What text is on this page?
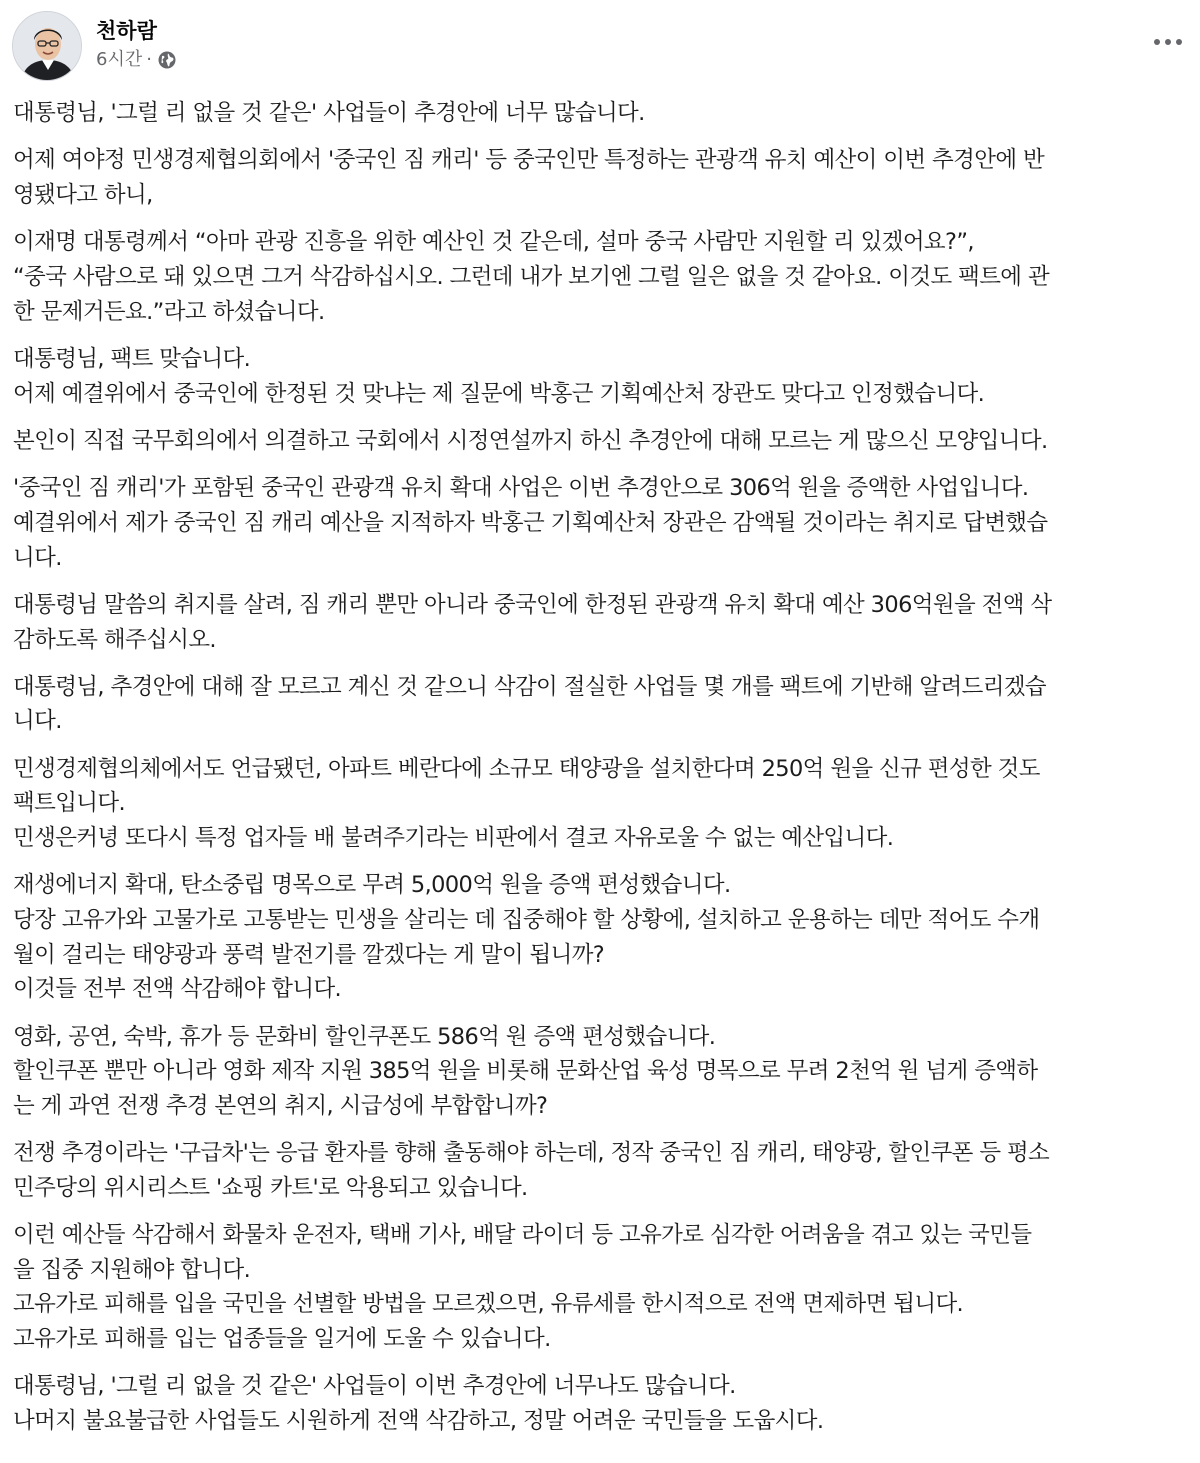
천하람
6시간 ·
대통령님, '그럴 리 없을 것 같은' 사업들이 추경안에 너무 많습니다.
어제 여야정 민생경제협의회에서 '중국인 짐 캐리' 등 중국인만 특정하는 관광객 유치 예산이 이번 추경안에 반
영됐다고 하니,
이재명 대통령께서 “아마 관광 진흥을 위한 예산인 것 같은데, 설마 중국 사람만 지원할 리 있겠어요?”,
“중국 사람으로 돼 있으면 그거 삭감하십시오. 그런데 내가 보기엔 그럴 일은 없을 것 같아요. 이것도 팩트에 관
한 문제거든요.”라고 하셨습니다.
대통령님, 팩트 맞습니다.
어제 예결위에서 중국인에 한정된 것 맞냐는 제 질문에 박홍근 기획예산처 장관도 맞다고 인정했습니다.
본인이 직접 국무회의에서 의결하고 국회에서 시정연설까지 하신 추경안에 대해 모르는 게 많으신 모양입니다.
'중국인 짐 캐리'가 포함된 중국인 관광객 유치 확대 사업은 이번 추경안으로 306억 원을 증액한 사업입니다.
예결위에서 제가 중국인 짐 캐리 예산을 지적하자 박홍근 기획예산처 장관은 감액될 것이라는 취지로 답변했습
니다.
대통령님 말씀의 취지를 살려, 짐 캐리 뿐만 아니라 중국인에 한정된 관광객 유치 확대 예산 306억원을 전액 삭
감하도록 해주십시오.
대통령님, 추경안에 대해 잘 모르고 계신 것 같으니 삭감이 절실한 사업들 몇 개를 팩트에 기반해 알려드리겠습
니다.
민생경제협의체에서도 언급됐던, 아파트 베란다에 소규모 태양광을 설치한다며 250억 원을 신규 편성한 것도
팩트입니다.
민생은커녕 또다시 특정 업자들 배 불려주기라는 비판에서 결코 자유로울 수 없는 예산입니다.
재생에너지 확대, 탄소중립 명목으로 무려 5,000억 원을 증액 편성했습니다.
당장 고유가와 고물가로 고통받는 민생을 살리는 데 집중해야 할 상황에, 설치하고 운용하는 데만 적어도 수개
월이 걸리는 태양광과 풍력 발전기를 깔겠다는 게 말이 됩니까?
이것들 전부 전액 삭감해야 합니다.
영화, 공연, 숙박, 휴가 등 문화비 할인쿠폰도 586억 원 증액 편성했습니다.
할인쿠폰 뿐만 아니라 영화 제작 지원 385억 원을 비롯해 문화산업 육성 명목으로 무려 2천억 원 넘게 증액하
는 게 과연 전쟁 추경 본연의 취지, 시급성에 부합합니까?
전쟁 추경이라는 '구급차'는 응급 환자를 향해 출동해야 하는데, 정작 중국인 짐 캐리, 태양광, 할인쿠폰 등 평소
민주당의 위시리스트 '쇼핑 카트'로 악용되고 있습니다.
이런 예산들 삭감해서 화물차 운전자, 택배 기사, 배달 라이더 등 고유가로 심각한 어려움을 겪고 있는 국민들
을 집중 지원해야 합니다.
고유가로 피해를 입을 국민을 선별할 방법을 모르겠으면, 유류세를 한시적으로 전액 면제하면 됩니다.
고유가로 피해를 입는 업종들을 일거에 도울 수 있습니다.
대통령님, '그럴 리 없을 것 같은' 사업들이 이번 추경안에 너무나도 많습니다.
나머지 불요불급한 사업들도 시원하게 전액 삭감하고, 정말 어려운 국민들을 도웁시다.
